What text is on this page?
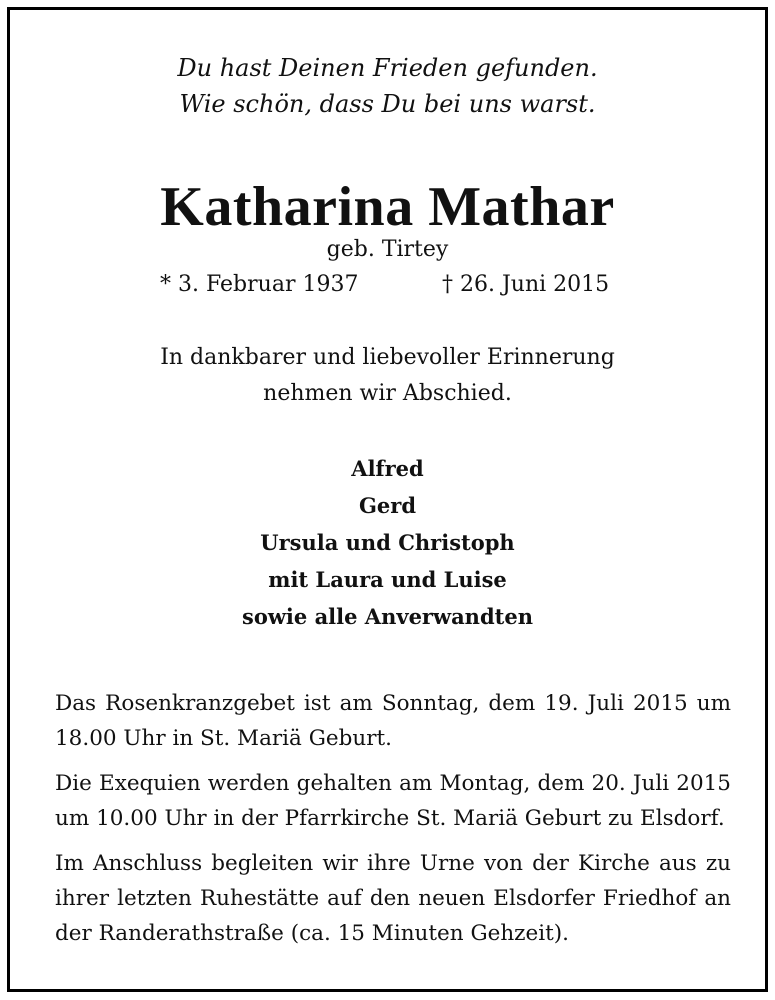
Du hast Deinen Frieden gefunden.
Wie schön, dass Du bei uns warst.
Katharina Mathar
geb. Tirtey
* 3. Februar 1937	† 26. Juni 2015
In dankbarer und liebevoller Erinnerung
nehmen wir Abschied.
Alfred
Gerd
Ursula und Christoph
mit Laura und Luise
sowie alle Anverwandten

Das Rosenkranzgebet ist am Sonntag, dem 19. Juli 2015 um 18.00 Uhr in St. Mariä Geburt.

Die Exequien werden gehalten am Montag, dem 20. Juli 2015 um 10.00 Uhr in der Pfarrkirche St. Mariä Geburt zu Elsdorf.

Im Anschluss begleiten wir ihre Urne von der Kirche aus zu ihrer letzten Ruhestätte auf den neuen Elsdorfer Friedhof an der Randerathstraße (ca. 15 Minuten Gehzeit).
